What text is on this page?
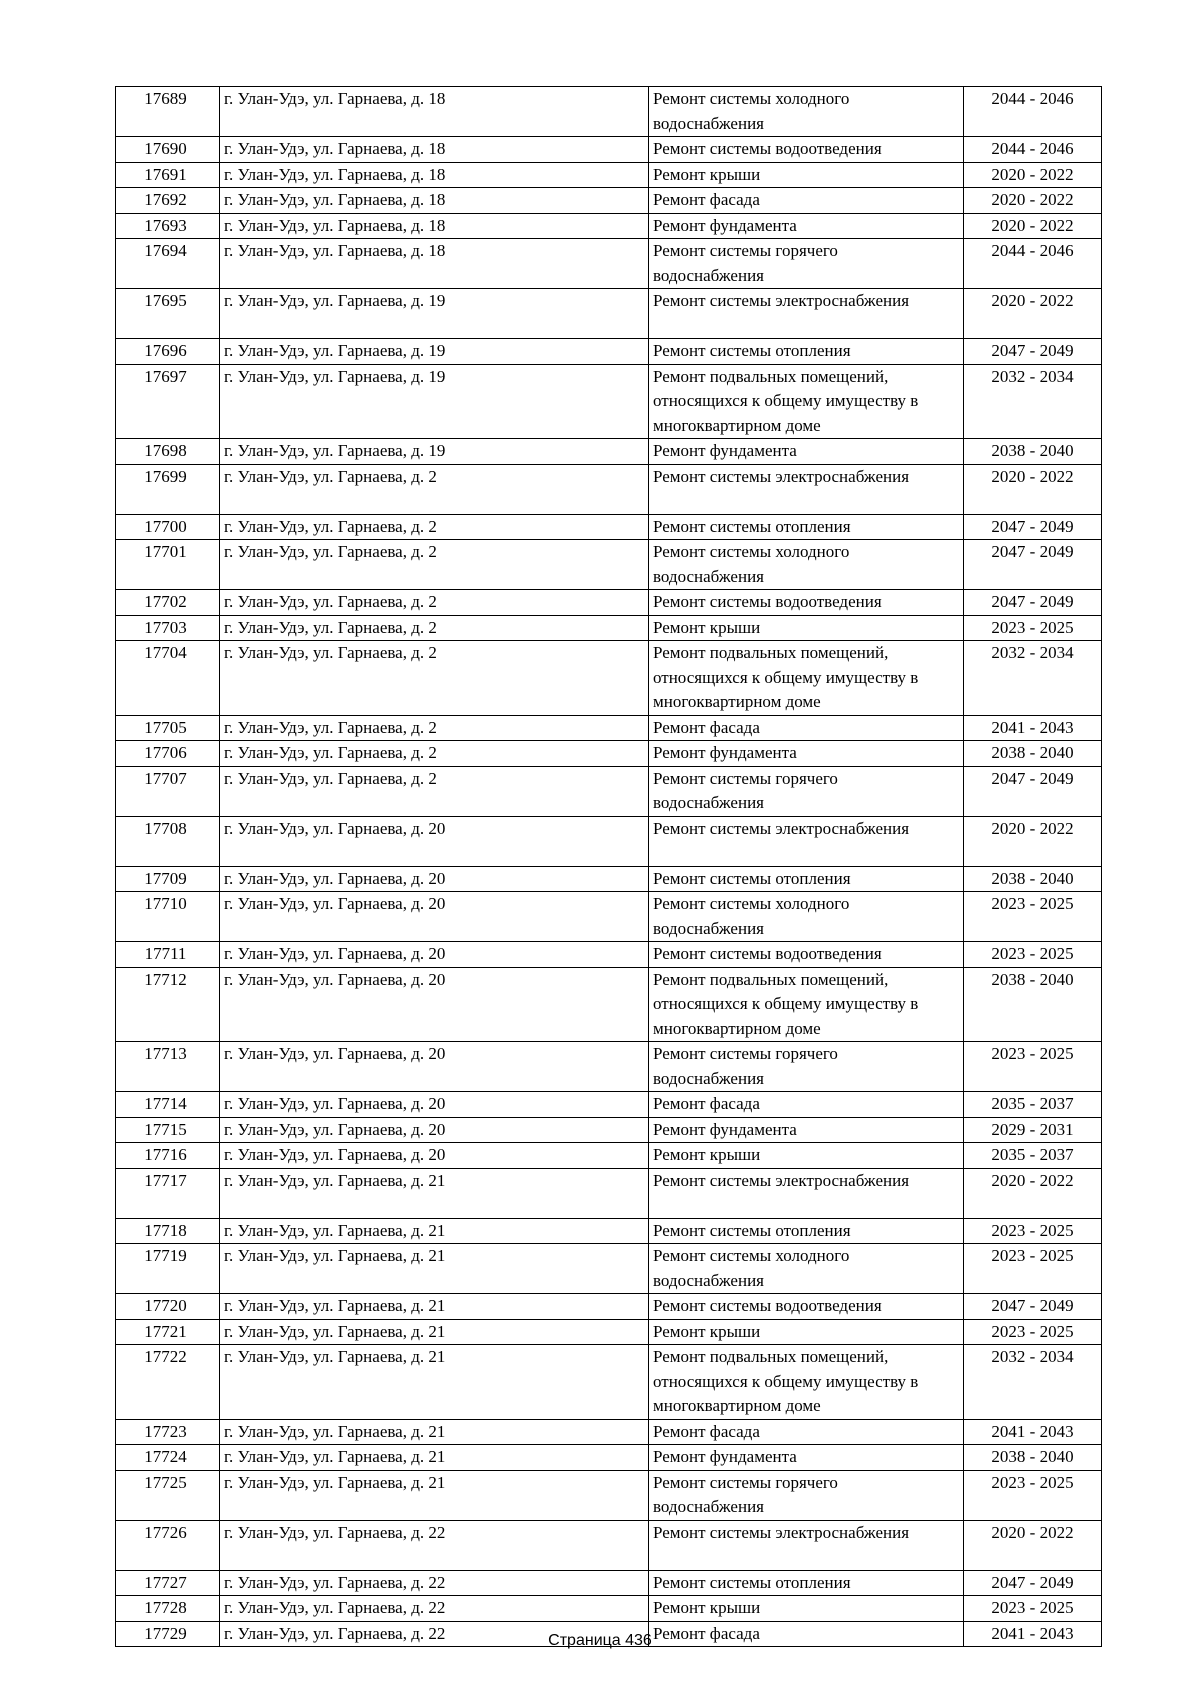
17689	г. Улан-Удэ, ул. Гарнаева, д. 18	Ремонт системы холодного
водоснабжения	2044 - 2046
17690	г. Улан-Удэ, ул. Гарнаева, д. 18	Ремонт системы водоотведения	2044 - 2046
17691	г. Улан-Удэ, ул. Гарнаева, д. 18	Ремонт крыши	2020 - 2022
17692	г. Улан-Удэ, ул. Гарнаева, д. 18	Ремонт фасада	2020 - 2022
17693	г. Улан-Удэ, ул. Гарнаева, д. 18	Ремонт фундамента	2020 - 2022
17694	г. Улан-Удэ, ул. Гарнаева, д. 18	Ремонт системы горячего
водоснабжения	2044 - 2046
17695	г. Улан-Удэ, ул. Гарнаева, д. 19	Ремонт системы электроснабжения	2020 - 2022
17696	г. Улан-Удэ, ул. Гарнаева, д. 19	Ремонт системы отопления	2047 - 2049
17697	г. Улан-Удэ, ул. Гарнаева, д. 19	Ремонт подвальных помещений,
относящихся к общему имуществу в
многоквартирном доме	2032 - 2034
17698	г. Улан-Удэ, ул. Гарнаева, д. 19	Ремонт фундамента	2038 - 2040
17699	г. Улан-Удэ, ул. Гарнаева, д. 2	Ремонт системы электроснабжения	2020 - 2022
17700	г. Улан-Удэ, ул. Гарнаева, д. 2	Ремонт системы отопления	2047 - 2049
17701	г. Улан-Удэ, ул. Гарнаева, д. 2	Ремонт системы холодного
водоснабжения	2047 - 2049
17702	г. Улан-Удэ, ул. Гарнаева, д. 2	Ремонт системы водоотведения	2047 - 2049
17703	г. Улан-Удэ, ул. Гарнаева, д. 2	Ремонт крыши	2023 - 2025
17704	г. Улан-Удэ, ул. Гарнаева, д. 2	Ремонт подвальных помещений,
относящихся к общему имуществу в
многоквартирном доме	2032 - 2034
17705	г. Улан-Удэ, ул. Гарнаева, д. 2	Ремонт фасада	2041 - 2043
17706	г. Улан-Удэ, ул. Гарнаева, д. 2	Ремонт фундамента	2038 - 2040
17707	г. Улан-Удэ, ул. Гарнаева, д. 2	Ремонт системы горячего
водоснабжения	2047 - 2049
17708	г. Улан-Удэ, ул. Гарнаева, д. 20	Ремонт системы электроснабжения	2020 - 2022
17709	г. Улан-Удэ, ул. Гарнаева, д. 20	Ремонт системы отопления	2038 - 2040
17710	г. Улан-Удэ, ул. Гарнаева, д. 20	Ремонт системы холодного
водоснабжения	2023 - 2025
17711	г. Улан-Удэ, ул. Гарнаева, д. 20	Ремонт системы водоотведения	2023 - 2025
17712	г. Улан-Удэ, ул. Гарнаева, д. 20	Ремонт подвальных помещений,
относящихся к общему имуществу в
многоквартирном доме	2038 - 2040
17713	г. Улан-Удэ, ул. Гарнаева, д. 20	Ремонт системы горячего
водоснабжения	2023 - 2025
17714	г. Улан-Удэ, ул. Гарнаева, д. 20	Ремонт фасада	2035 - 2037
17715	г. Улан-Удэ, ул. Гарнаева, д. 20	Ремонт фундамента	2029 - 2031
17716	г. Улан-Удэ, ул. Гарнаева, д. 20	Ремонт крыши	2035 - 2037
17717	г. Улан-Удэ, ул. Гарнаева, д. 21	Ремонт системы электроснабжения	2020 - 2022
17718	г. Улан-Удэ, ул. Гарнаева, д. 21	Ремонт системы отопления	2023 - 2025
17719	г. Улан-Удэ, ул. Гарнаева, д. 21	Ремонт системы холодного
водоснабжения	2023 - 2025
17720	г. Улан-Удэ, ул. Гарнаева, д. 21	Ремонт системы водоотведения	2047 - 2049
17721	г. Улан-Удэ, ул. Гарнаева, д. 21	Ремонт крыши	2023 - 2025
17722	г. Улан-Удэ, ул. Гарнаева, д. 21	Ремонт подвальных помещений,
относящихся к общему имуществу в
многоквартирном доме	2032 - 2034
17723	г. Улан-Удэ, ул. Гарнаева, д. 21	Ремонт фасада	2041 - 2043
17724	г. Улан-Удэ, ул. Гарнаева, д. 21	Ремонт фундамента	2038 - 2040
17725	г. Улан-Удэ, ул. Гарнаева, д. 21	Ремонт системы горячего
водоснабжения	2023 - 2025
17726	г. Улан-Удэ, ул. Гарнаева, д. 22	Ремонт системы электроснабжения	2020 - 2022
17727	г. Улан-Удэ, ул. Гарнаева, д. 22	Ремонт системы отопления	2047 - 2049
17728	г. Улан-Удэ, ул. Гарнаева, д. 22	Ремонт крыши	2023 - 2025
17729	г. Улан-Удэ, ул. Гарнаева, д. 22	Ремонт фасада	2041 - 2043
Страница 436
